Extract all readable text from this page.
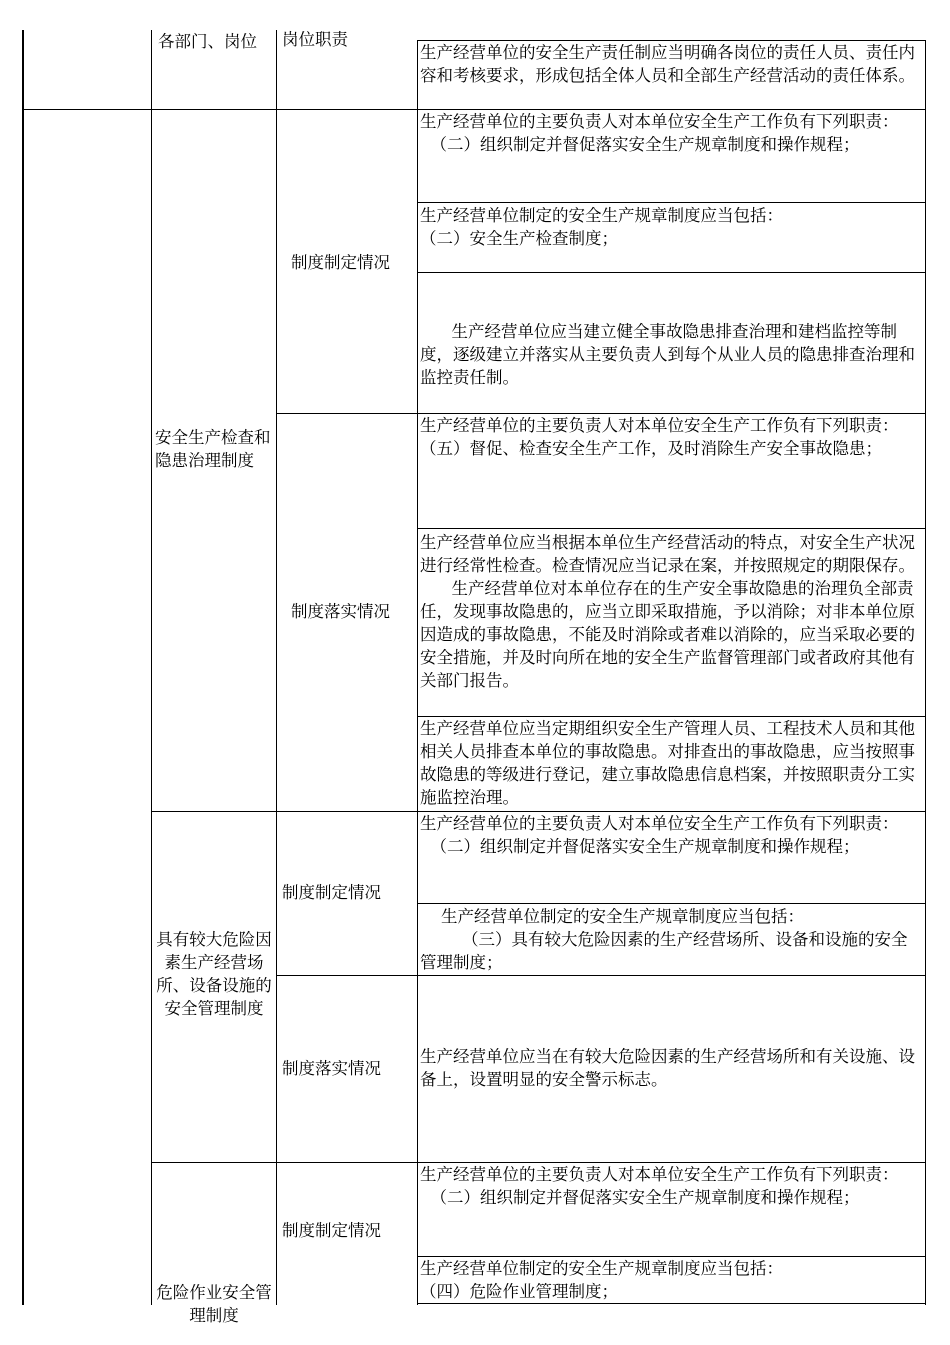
各部门、岗位 岗位职责
生产经营单位的安全生产责任制应当明确各岗位的责任人员、责任内容和考核要求，形成包括全体人员和全部生产经营活动的责任体系。
安全生产检查和隐患治理制度
制度制定情况
生产经营单位的主要负责人对本单位安全生产工作负有下列职责：
（二）组织制定并督促落实安全生产规章制度和操作规程；
生产经营单位制定的安全生产规章制度应当包括：
（二）安全生产检查制度；
生产经营单位应当建立健全事故隐患排查治理和建档监控等制度，逐级建立并落实从主要负责人到每个从业人员的隐患排查治理和监控责任制。
制度落实情况
生产经营单位的主要负责人对本单位安全生产工作负有下列职责：
（五）督促、检查安全生产工作，及时消除生产安全事故隐患；
生产经营单位应当根据本单位生产经营活动的特点，对安全生产状况进行经常性检查。检查情况应当记录在案，并按照规定的期限保存。
生产经营单位对本单位存在的生产安全事故隐患的治理负全部责任，发现事故隐患的，应当立即采取措施，予以消除；对非本单位原因造成的事故隐患，不能及时消除或者难以消除的，应当采取必要的安全措施，并及时向所在地的安全生产监督管理部门或者政府其他有关部门报告。
生产经营单位应当定期组织安全生产管理人员、工程技术人员和其他相关人员排查本单位的事故隐患。对排查出的事故隐患，应当按照事故隐患的等级进行登记，建立事故隐患信息档案，并按照职责分工实施监控治理。
具有较大危险因素生产经营场所、设备设施的安全管理制度
制度制定情况
生产经营单位的主要负责人对本单位安全生产工作负有下列职责：
（二）组织制定并督促落实安全生产规章制度和操作规程；
生产经营单位制定的安全生产规章制度应当包括：
（三）具有较大危险因素的生产经营场所、设备和设施的安全管理制度；
制度落实情况
生产经营单位应当在有较大危险因素的生产经营场所和有关设施、设备上，设置明显的安全警示标志。
危险作业安全管理制度
制度制定情况
生产经营单位的主要负责人对本单位安全生产工作负有下列职责：
（二）组织制定并督促落实安全生产规章制度和操作规程；
生产经营单位制定的安全生产规章制度应当包括：
（四）危险作业管理制度；
